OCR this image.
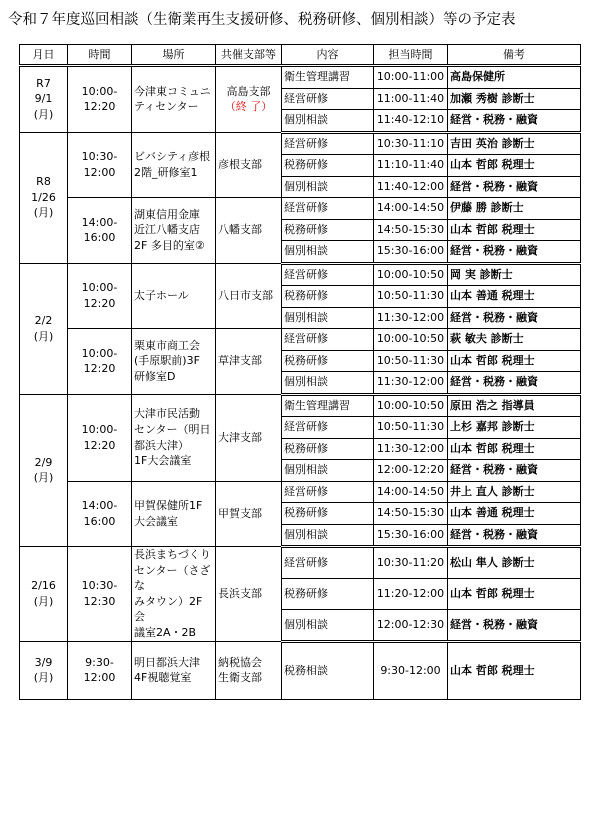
令和７年度巡回相談（生衛業再生支援研修、税務研修、個別相談）等の予定表
月日	時間	場所	共催支部等	内容	担当時間	備考
R7
9/1
(月)	10:00-12:20	今津東コミュニ
ティセンター	高島支部
（終 了）	衛生管理講習	10:00-11:00	高島保健所
				経営研修	11:00-11:40	加瀬 秀樹 診断士
				個別相談	11:40-12:10	経営・税務・融資
R8
1/26
(月)	10:30-12:00	ビバシティ彦根
2階_研修室1	彦根支部	経営研修	10:30-11:10	吉田 英治 診断士
				税務研修	11:10-11:40	山本 哲郎 税理士
				個別相談	11:40-12:00	経営・税務・融資
	14:00-16:00	湖東信用金庫
近江八幡支店
2F 多目的室②	八幡支部	経営研修	14:00-14:50	伊藤 勝 診断士
				税務研修	14:50-15:30	山本 哲郎 税理士
				個別相談	15:30-16:00	経営・税務・融資
2/2
(月)	10:00-12:20	太子ホール	八日市支部	経営研修	10:00-10:50	岡 実 診断士
				税務研修	10:50-11:30	山本 善通 税理士
				個別相談	11:30-12:00	経営・税務・融資
	10:00-12:20	栗東市商工会
(手原駅前)3F
研修室D	草津支部	経営研修	10:00-10:50	萩 敏夫 診断士
				税務研修	10:50-11:30	山本 哲郎 税理士
				個別相談	11:30-12:00	経営・税務・融資
2/9
(月)	10:00-12:20	大津市民活動
センター（明日
都浜大津）
1F大会議室	大津支部	衛生管理講習	10:00-10:50	原田 浩之 指導員
				経営研修	10:50-11:30	上杉 嘉邦 診断士
				税務研修	11:30-12:00	山本 哲郎 税理士
				個別相談	12:00-12:20	経営・税務・融資
	14:00-16:00	甲賀保健所1F
大会議室	甲賀支部	経営研修	14:00-14:50	井上 直人 診断士
				税務研修	14:50-15:30	山本 善通 税理士
				個別相談	15:30-16:00	経営・税務・融資
2/16
(月)	10:30-12:30	長浜まちづくり
センター（さざな
みタウン）2F会
議室2A・2B	長浜支部	経営研修	10:30-11:20	松山 隼人 診断士
				税務研修	11:20-12:00	山本 哲郎 税理士
				個別相談	12:00-12:30	経営・税務・融資
3/9
(月)	9:30-12:00	明日都浜大津
4F視聴覚室	納税協会
生衛支部	税務相談	9:30-12:00	山本 哲郎 税理士
